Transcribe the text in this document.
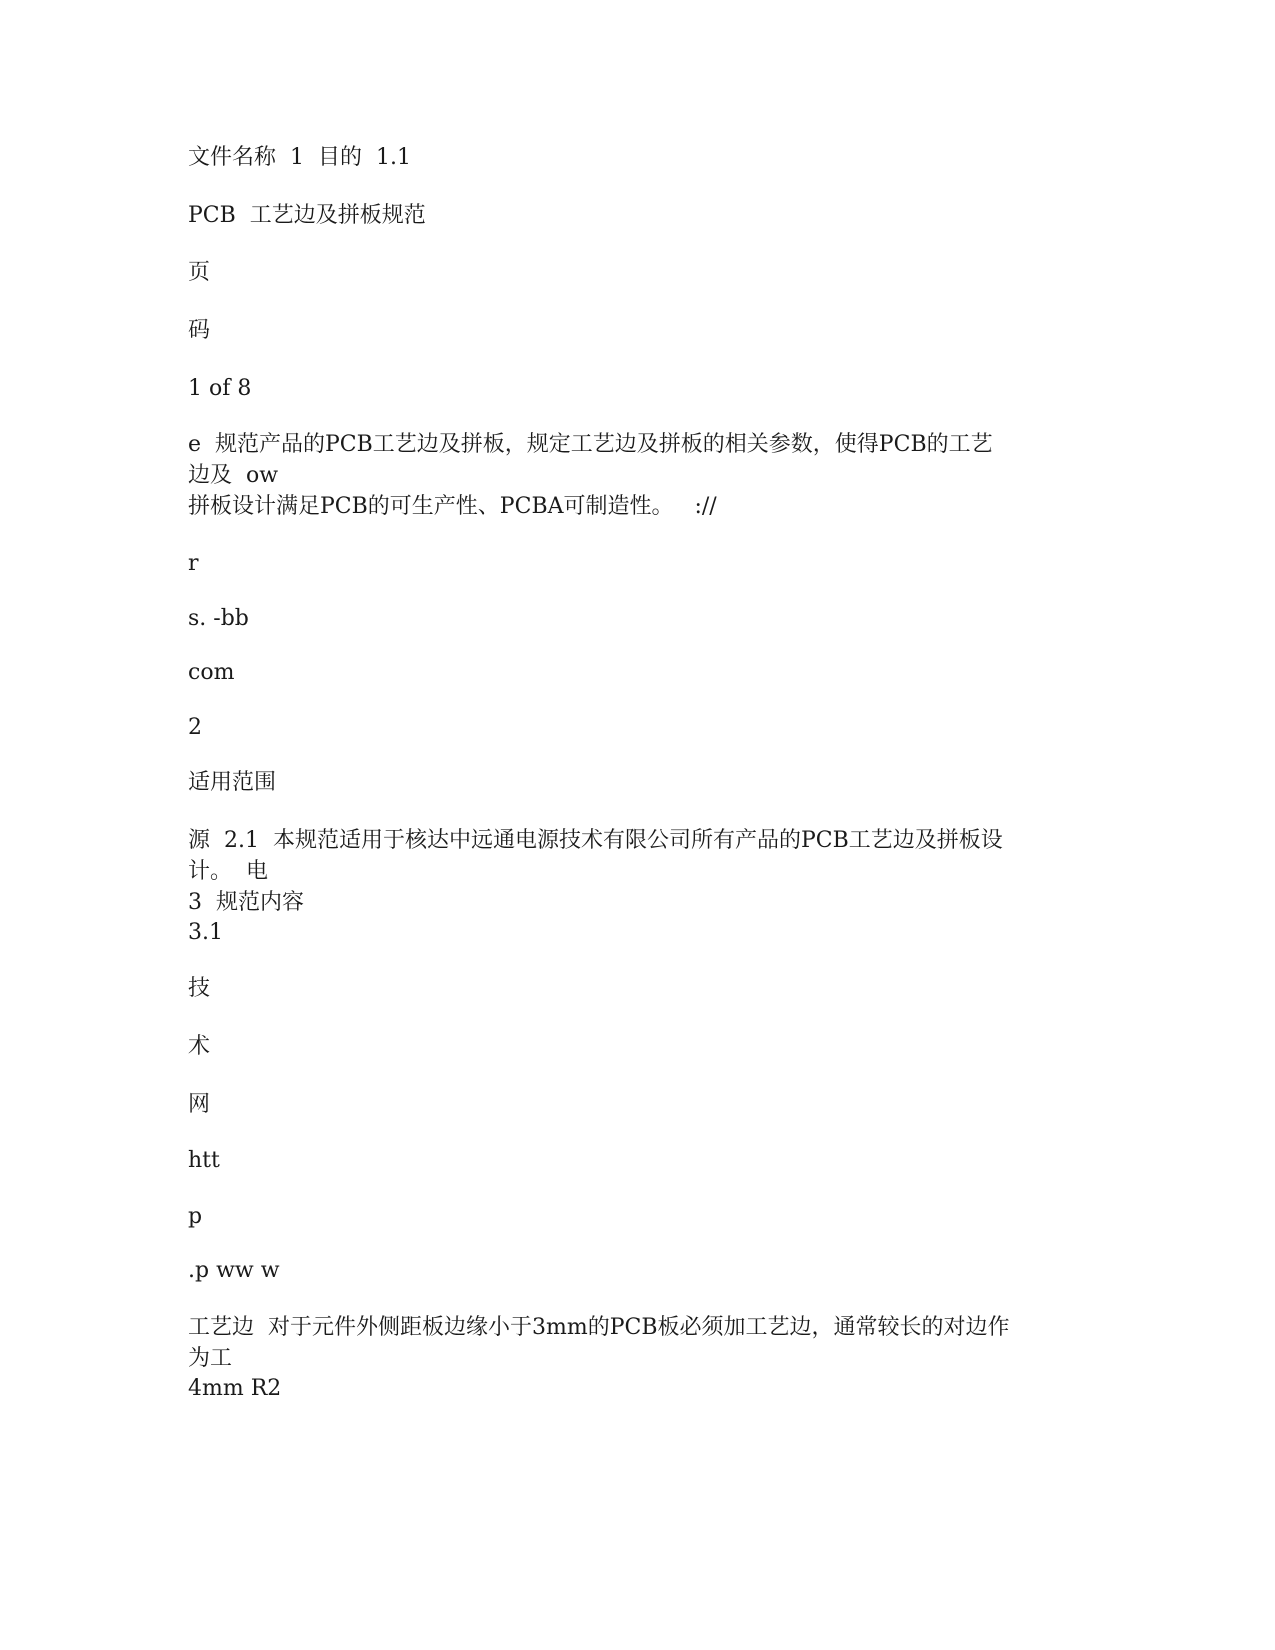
文件名称  1  目的  1.1

PCB  工艺边及拼板规范

页

码

1 of 8

e  规范产品的PCB工艺边及拼板，规定工艺边及拼板的相关参数，使得PCB的工艺

边及  ow

拼板设计满足PCB的可生产性、PCBA可制造性。   ://

r

s. -bb

com

2

适用范围

源  2.1  本规范适用于核达中远通电源技术有限公司所有产品的PCB工艺边及拼板设

计。  电

3  规范内容

3.1

技

术

网

htt

p

.p ww w

工艺边  对于元件外侧距板边缘小于3mm的PCB板必须加工艺边，通常较长的对边作

为工

4mm R2
